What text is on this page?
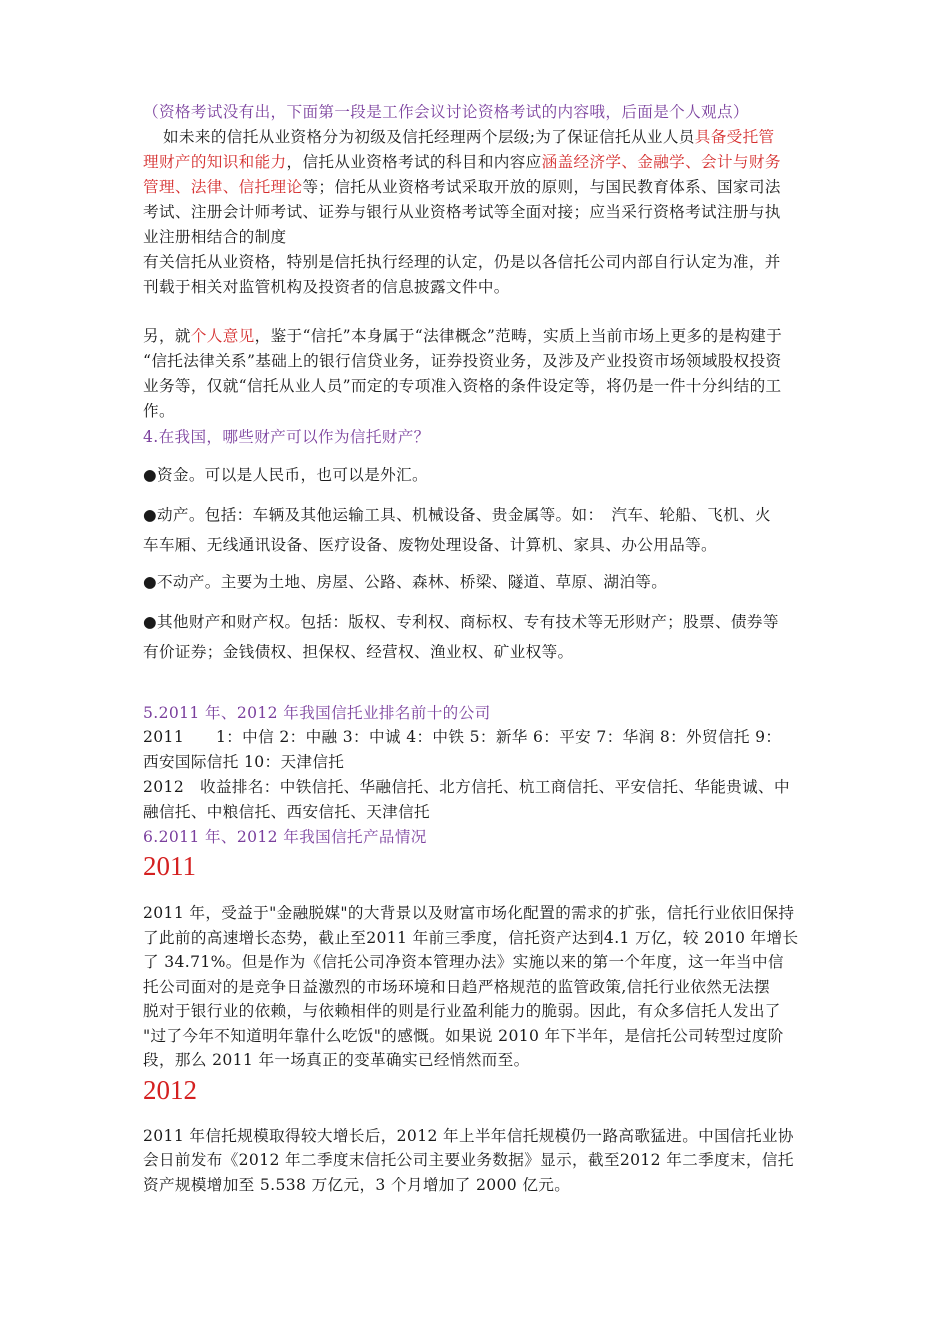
（资格考试没有出，下面第一段是工作会议讨论资格考试的内容哦，后面是个人观点）
如未来的信托从业资格分为初级及信托经理两个层级;为了保证信托从业人员具备受托管
理财产的知识和能力，信托从业资格考试的科目和内容应涵盖经济学、金融学、会计与财务
管理、法律、信托理论等；信托从业资格考试采取开放的原则，与国民教育体系、国家司法
考试、注册会计师考试、证券与银行从业资格考试等全面对接；应当采行资格考试注册与执
业注册相结合的制度
有关信托从业资格，特别是信托执行经理的认定，仍是以各信托公司内部自行认定为准，并
刊载于相关对监管机构及投资者的信息披露文件中。
另，就个人意见，鉴于“信托”本身属于“法律概念”范畴，实质上当前市场上更多的是构建于
“信托法律关系”基础上的银行信贷业务，证券投资业务，及涉及产业投资市场领域股权投资
业务等，仅就“信托从业人员”而定的专项准入资格的条件设定等，将仍是一件十分纠结的工
作。
4.在我国，哪些财产可以作为信托财产？
●资金。可以是人民币，也可以是外汇。
●动产。包括：车辆及其他运输工具、机械设备、贵金属等。如：　汽车、轮船、飞机、火
车车厢、无线通讯设备、医疗设备、废物处理设备、计算机、家具、办公用品等。
●不动产。主要为土地、房屋、公路、森林、桥梁、隧道、草原、湖泊等。
●其他财产和财产权。包括：版权、专利权、商标权、专有技术等无形财产；股票、债券等
有价证券；金钱债权、担保权、经营权、渔业权、矿业权等。
5.2011 年、2012 年我国信托业排名前十的公司
2011　　1：中信 2：中融 3：中诚 4：中铁 5：新华 6：平安 7：华润 8：外贸信托 9：
西安国际信托 10：天津信托
2012　收益排名：中铁信托、华融信托、北方信托、杭工商信托、平安信托、华能贵诚、中
融信托、中粮信托、西安信托、天津信托
6.2011 年、2012 年我国信托产品情况
2011
2011 年，受益于"金融脱媒"的大背景以及财富市场化配置的需求的扩张，信托行业依旧保持
了此前的高速增长态势，截止至2011 年前三季度，信托资产达到4.1 万亿，较 2010 年增长
了 34.71%。但是作为《信托公司净资本管理办法》实施以来的第一个年度，这一年当中信
托公司面对的是竞争日益激烈的市场环境和日趋严格规范的监管政策,信托行业依然无法摆
脱对于银行业的依赖，与依赖相伴的则是行业盈利能力的脆弱。因此，有众多信托人发出了
"过了今年不知道明年靠什么吃饭"的感慨。如果说 2010 年下半年，是信托公司转型过度阶
段，那么 2011 年一场真正的变革确实已经悄然而至。
2012
2011 年信托规模取得较大增长后，2012 年上半年信托规模仍一路高歌猛进。中国信托业协
会日前发布《2012 年二季度末信托公司主要业务数据》显示，截至2012 年二季度末，信托
资产规模增加至 5.538 万亿元，3 个月增加了 2000 亿元。
